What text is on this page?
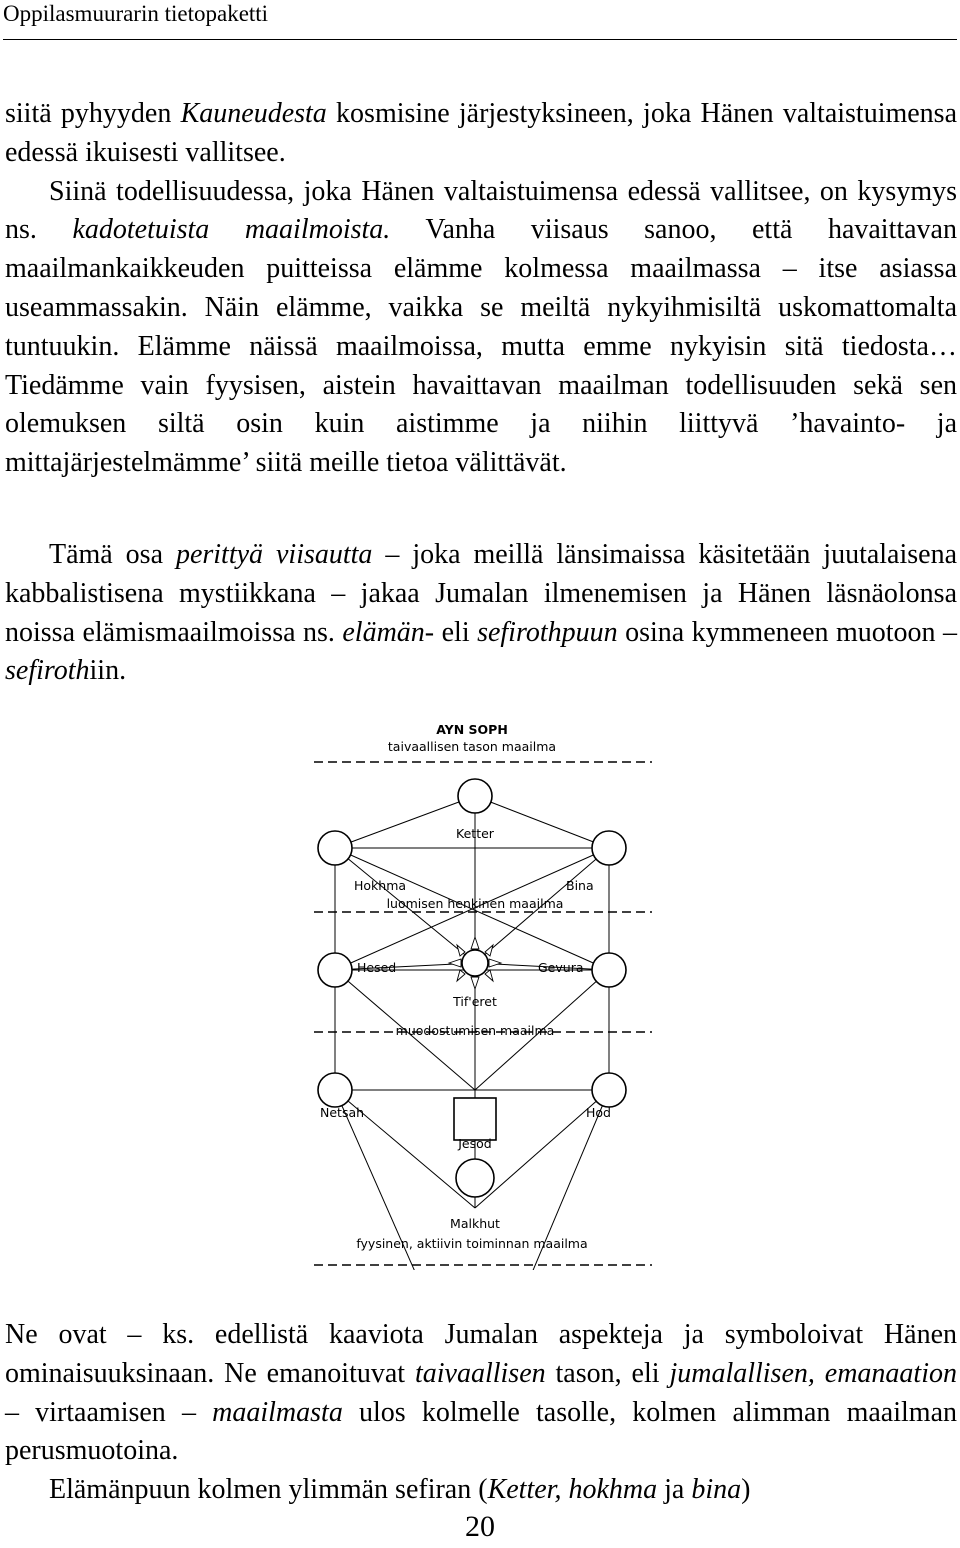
Oppilasmuurarin tietopaketti

siitä pyhyyden Kauneudesta kosmisine järjestyksineen, joka Hänen valtaistuimensa edessä ikuisesti vallitsee.
Siinä todellisuudessa, joka Hänen valtaistuimensa edessä vallitsee, on kysymys ns. kadotetuista maailmoista. Vanha viisaus sanoo, että havaittavan maailmankaikkeuden puitteissa elämme kolmessa maailmassa – itse asiassa useammassakin. Näin elämme, vaikka se meiltä nykyihmisiltä uskomattomalta tuntuukin. Elämme näissä maailmoissa, mutta emme nykyisin sitä tiedosta… Tiedämme vain fyysisen, aistein havaittavan maailman todellisuuden sekä sen olemuksen siltä osin kuin aistimme ja niihin liittyvä ’havainto- ja mittajärjestelmämme’ siitä meille tietoa välittävät.

Tämä osa perittyä viisautta – joka meillä länsimaissa käsitetään juutalaisena kabbalistisena mystiikkana – jakaa Jumalan ilmenemisen ja Hänen läsnäolonsa noissa elämismaailmoissa ns. elämän- eli sefirothpuun osina kymmeneen muotoon – sefirothiin.

AYN SOPH
taivaallisen tason maailma
Ketter
Hokhma	Bina
luomisen henkinen maailma
Hesed	Gevura
Tif'eret
muodostumisen maailma
Netsah	Hod
Jesod
Malkhut
fyysinen, aktiivin toiminnan maailma

Ne ovat – ks. edellistä kaaviota Jumalan aspekteja ja symboloivat Hänen ominaisuuksinaan. Ne emanoituvat taivaallisen tason, eli jumalallisen, emanaation – virtaamisen – maailmasta ulos kolmelle tasolle, kolmen alimman maailman perusmuotoina.
Elämänpuun kolmen ylimmän sefiran (Ketter, hokhma ja bina)

20
